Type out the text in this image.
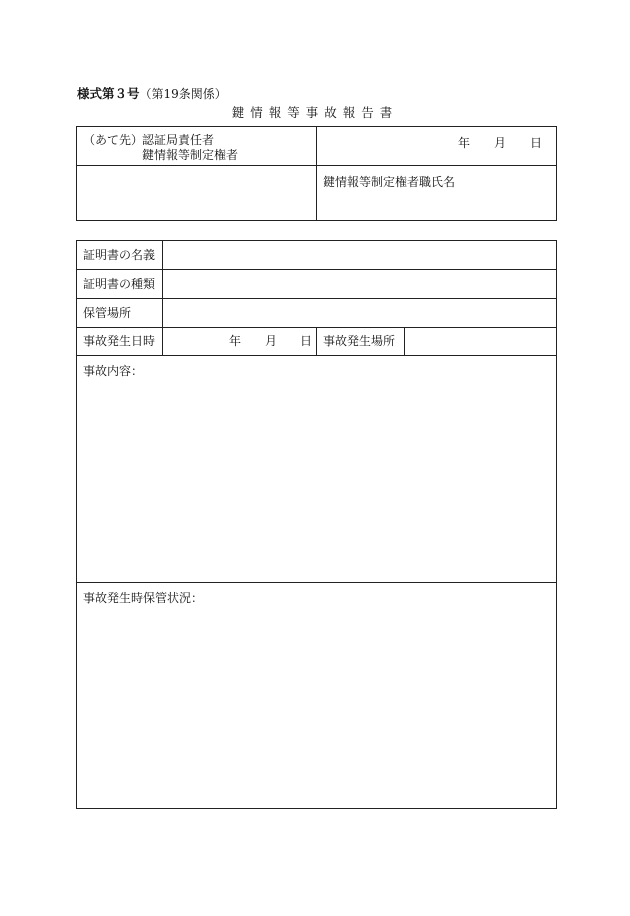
様式第３号（第19条関係）
鍵情報等事故報告書
（あて先）
認証局責任者
鍵情報等制定権者
年 月 日
鍵情報等制定権者職氏名
証明書の名義
証明書の種類
保管場所
事故発生日時	年 月 日 事故発生場所
事故内容：
事故発生時保管状況：
